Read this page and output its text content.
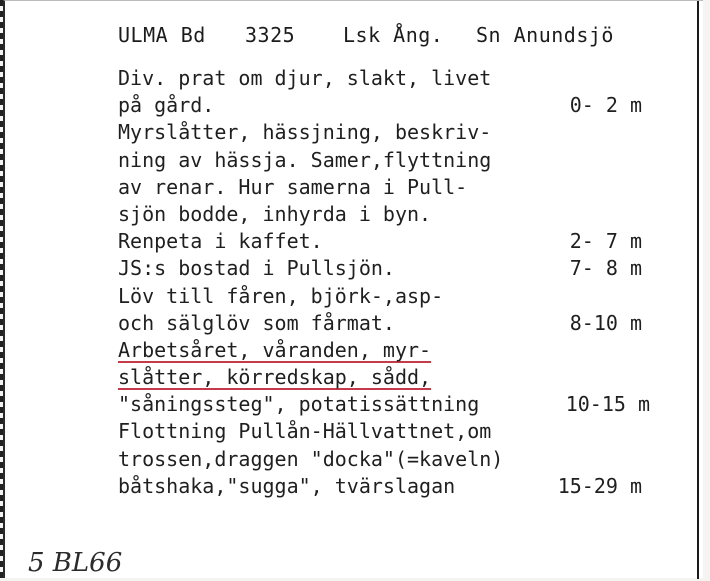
ULMA Bd 3325 Lsk Ång. Sn Anundsjö
Div. prat om djur, slakt, livet
på gård.	0- 2 m
Myrslåtter, hässjning, beskriv-
ning av hässja. Samer,flyttning
av renar. Hur samerna i Pull-
sjön bodde, inhyrda i byn.
Renpeta i kaffet.	2- 7 m
JS:s bostad i Pullsjön.	7- 8 m
Löv till fåren, björk-,asp-
och sälglöv som fårmat.	8-10 m
Arbetsåret, våranden, myr-
slåtter, körredskap, sådd,
"såningssteg", potatissättning	10-15 m
Flottning Pullån-Hällvattnet,om
trossen,draggen "docka"(=kaveln)
båtshaka,"sugga", tvärslagan	15-29 m
5 BL66
